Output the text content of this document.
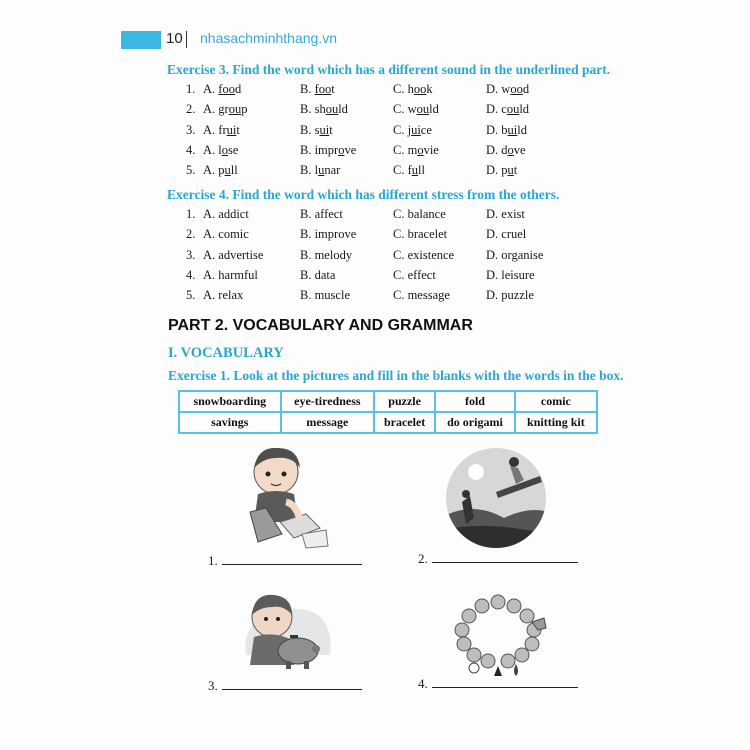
10 nhasachminhthang.vn
Exercise 3. Find the word which has a different sound in the underlined part.
1. A. food	B. foot	C. hook	D. wood
2. A. group	B. should	C. would	D. could
3. A. fruit	B. suit	C. juice	D. build
4. A. lose	B. improve	C. movie	D. dove
5. A. pull	B. lunar	C. full	D. put
Exercise 4. Find the word which has different stress from the others.
1. A. addict	B. affect	C. balance	D. exist
2. A. comic	B. improve	C. bracelet	D. cruel
3. A. advertise	B. melody	C. existence	D. organise
4. A. harmful	B. data	C. effect	D. leisure
5. A. relax	B. muscle	C. message	D. puzzle
PART 2. VOCABULARY AND GRAMMAR
I. VOCABULARY
Exercise 1. Look at the pictures and fill in the blanks with the words in the box.
snowboarding	eye-tiredness	puzzle	fold	comic
savings	message	bracelet	do origami	knitting kit
1.	2.
3.	4.
